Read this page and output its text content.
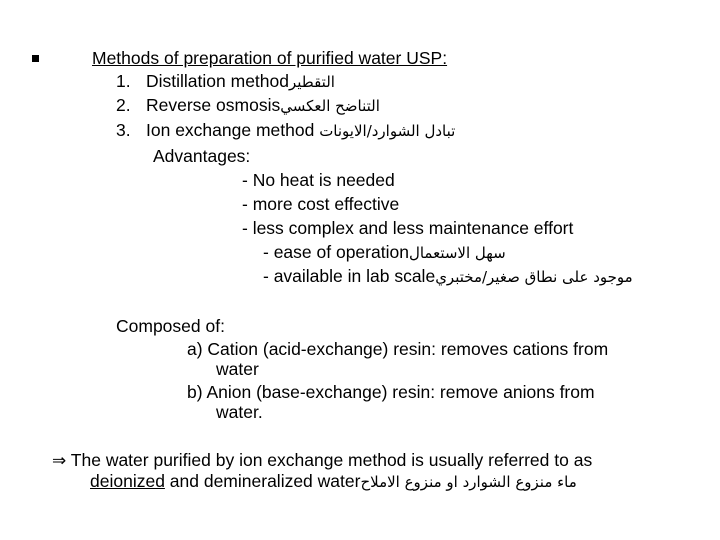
Methods of preparation of purified water USP:
1. Distillation methodالتقطير
2. Reverse osmosisالتناضح العكسي
3. Ion exchange method تبادل الشوارد/الايونات
Advantages:
- No heat is needed
- more cost effective
- less complex and less maintenance effort
- ease of operationسهل الاستعمال
- available in lab scaleموجود على نطاق صغير/مختبري
Composed of:
a) Cation (acid-exchange) resin: removes cations from
water
b) Anion (base-exchange) resin: remove anions from
water.
⇒ The water purified by ion exchange method is usually referred to as
deionized and demineralized waterماء منزوع الشوارد او منزوع الاملاح
